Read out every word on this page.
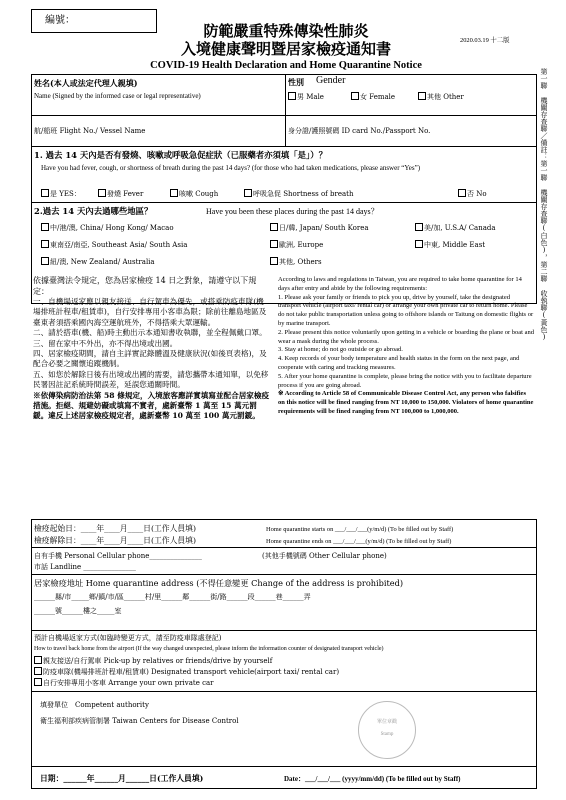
編號：
防範嚴重特殊傳染性肺炎
入境健康聲明暨居家檢疫通知書
COVID-19 Health Declaration and Home Quarantine Notice
2020.03.19 十二版
第一聯 機關存查聯／備註：第一聯 機關存查聯(白色)，第二聯 收執聯(黃色)
姓名(本人或法定代理人親填)
Name (Signed by the informed case or legal representative)
性別 Gender
男 Male	女 Female	其他 Other
航/船班 Flight No./ Vessel Name	身分證/護照號碼 ID card No./Passport No.
1. 過去 14 天內是否有發燒、咳嗽或呼吸急促症狀（已服藥者亦須填「是」）？
Have you had fever, cough, or shortness of breath during the past 14 days? (for those who had taken medications, please answer “Yes”)
是 YES：	發燒 Fever	咳嗽 Cough	呼吸急促 Shortness of breath	否 No
2.過去 14 天內去過哪些地區？	Have you been these places during the past 14 days？
中/港/澳, China/ Hong Kong/ Macao	日/韓, Japan/ South Korea	美/加, U.S.A/ Canada
東南亞/南亞, Southeast Asia/ South Asia	歐洲, Europe	中東, Middle East
紐/澳, New Zealand/ Australia	其他, Others
依據臺灣法令規定，您為居家檢疫 14 日之對象，請遵守以下規定：
一、自機場返家應以親友接送、自行駕車為優先，或搭乘防疫車隊(機場排班計程車/租賃車)，自行安排專用小客車為限；除前往離島地區及臺東者須搭乘國內海空運航班外，不得搭乘大眾運輸。
二、請於搭車(機、船)時主動出示本通知書收執聯，並全程佩戴口罩。
三、留在家中不外出，亦不得出境或出國。
四、居家檢疫期間，請自主詳實記錄體溫及健康狀況(如後頁表格)，及配合必要之關懷追蹤機制。
五、如您於解除日後有出境或出國的需要，請您攜帶本通知單，以免移民署因註記系統時間誤差，延誤您通關時間。
※依傳染病防治法第 58 條規定，入境旅客應詳實填寫並配合居家檢疫措施。拒絕、規避妨礙或填寫不實者，處新臺幣 1 萬至 15 萬元罰鍰。違反上述居家檢疫規定者，處新臺幣 10 萬至 100 萬元罰鍰。
According to laws and regulations in Taiwan, you are required to take home quarantine for 14 days after entry and abide by the following requirements:
1. Please ask your family or friends to pick you up, drive by yourself, take the designated transport vehicle (airport taxi/ rental car) or arrange your own private car to return home. Please do not take public transportation unless going to offshore islands or Taitung on domestic flights or by marine transport.
2. Please present this notice voluntarily upon getting in a vehicle or boarding the plane or boat and wear a mask during the whole process.
3. Stay at home; do not go outside or go abroad.
4. Keep records of your body temperature and health status in the form on the next page, and cooperate with caring and tracking measures.
5. After your home quarantine is complete, please bring the notice with you to facilitate departure process if you are going abroad.
※ According to Article 58 of Communicable Disease Control Act, any person who falsifies on this notice will be fined ranging from NT 10,000 to 150,000. Violators of home quarantine requirements will be fined ranging from NT 100,000 to 1,000,000.
檢疫起始日：____年____月____日(工作人員填)	Home quarantine starts on ___/___/___(y/m/d) (To be filled out by Staff)
檢疫解除日：____年____月____日(工作人員填)	Home quarantine ends on ___/___/___(y/m/d) (To be filled out by Staff)
自有手機 Personal Cellular phone_______________	(其他手機號碼 Other Cellular phone)
市話 Landline _______________
居家檢疫地址 Home quarantine address (不得任意變更 Change of the address is prohibited)
______縣/市_____鄉/鎮/市/區______村/里______鄰______街/路______段______巷______弄
______號______樓之_____室
預計自機場返家方式(如臨時變更方式，請至防疫車隊處登記)
How to travel back home from the airport (If the way changed unexpected, please inform the information counter of designated transport vehicle)
親友接送/自行駕車 Pick-up by relatives or friends/drive by yourself
防疫車隊(機場排班計程車/租賃車) Designated transport vehicle(airport taxi/ rental car)
自行安排專用小客車 Arrange your own private car
填發單位　Competent authority
衛生福利部疾病管制署 Taiwan Centers for Disease Control	單位章戳
Stamp
日期：______年______月______日(工作人員填)	Date：___/___/___ (yyyy/mm/dd) (To be filled out by Staff)
